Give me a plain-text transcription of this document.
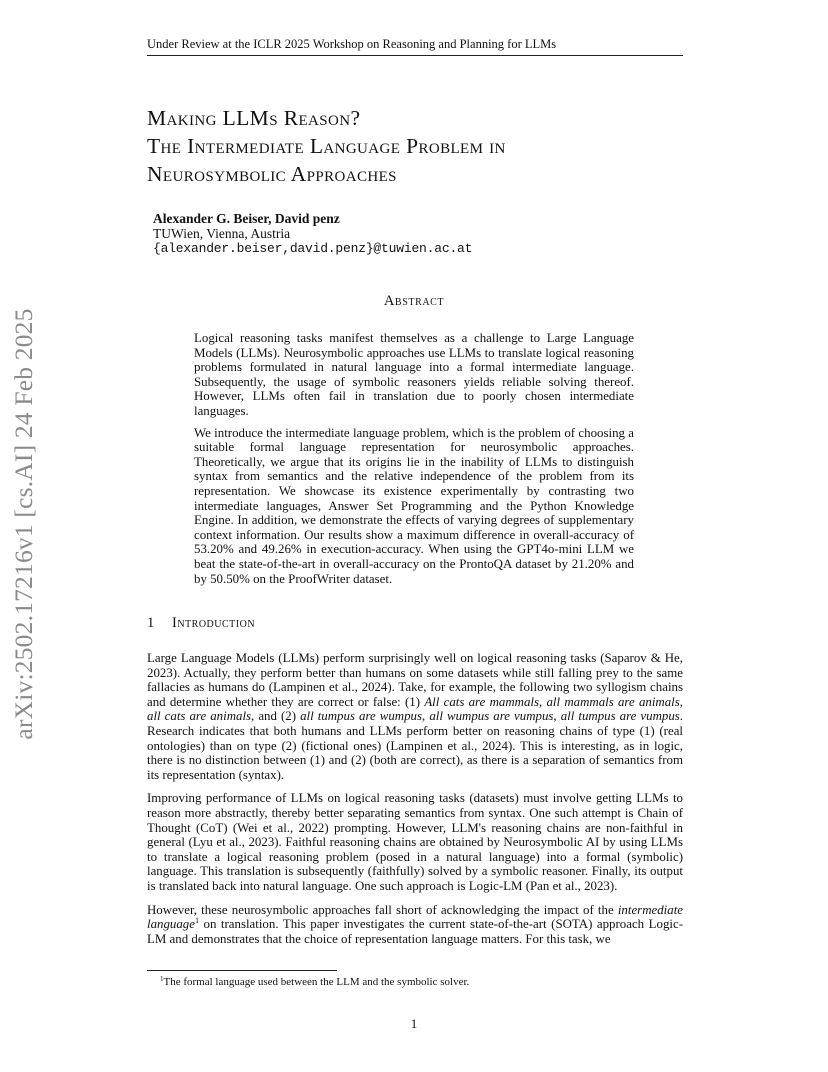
Under Review at the ICLR 2025 Workshop on Reasoning and Planning for LLMs
arXiv:2502.17216v1 [cs.AI] 24 Feb 2025
Making LLMs Reason?
The Intermediate Language Problem in
Neurosymbolic Approaches
Alexander G. Beiser, David penz
TUWien, Vienna, Austria
{alexander.beiser,david.penz}@tuwien.ac.at
Abstract

Logical reasoning tasks manifest themselves as a challenge to Large Language Models (LLMs). Neurosymbolic approaches use LLMs to translate logical reasoning problems formulated in natural language into a formal intermediate language. Subsequently, the usage of symbolic reasoners yields reliable solving thereof. However, LLMs often fail in translation due to poorly chosen intermediate languages.

We introduce the intermediate language problem, which is the problem of choosing a suitable formal language representation for neurosymbolic approaches. Theoretically, we argue that its origins lie in the inability of LLMs to distinguish syntax from semantics and the relative independence of the problem from its representation. We showcase its existence experimentally by contrasting two intermediate languages, Answer Set Programming and the Python Knowledge Engine. In addition, we demonstrate the effects of varying degrees of supplementary context information. Our results show a maximum difference in overall-accuracy of 53.20% and 49.26% in execution-accuracy. When using the GPT4o-mini LLM we beat the state-of-the-art in overall-accuracy on the ProntoQA dataset by 21.20% and by 50.50% on the ProofWriter dataset.

1 Introduction

Large Language Models (LLMs) perform surprisingly well on logical reasoning tasks (Saparov & He, 2023). Actually, they perform better than humans on some datasets while still falling prey to the same fallacies as humans do (Lampinen et al., 2024). Take, for example, the following two syllogism chains and determine whether they are correct or false: (1) All cats are mammals, all mammals are animals, all cats are animals, and (2) all tumpus are wumpus, all wumpus are vumpus, all tumpus are vumpus. Research indicates that both humans and LLMs perform better on reasoning chains of type (1) (real ontologies) than on type (2) (fictional ones) (Lampinen et al., 2024). This is interesting, as in logic, there is no distinction between (1) and (2) (both are correct), as there is a separation of semantics from its representation (syntax).

Improving performance of LLMs on logical reasoning tasks (datasets) must involve getting LLMs to reason more abstractly, thereby better separating semantics from syntax. One such attempt is Chain of Thought (CoT) (Wei et al., 2022) prompting. However, LLM's reasoning chains are non-faithful in general (Lyu et al., 2023). Faithful reasoning chains are obtained by Neurosymbolic AI by using LLMs to translate a logical reasoning problem (posed in a natural language) into a formal (symbolic) language. This translation is subsequently (faithfully) solved by a symbolic reasoner. Finally, its output is translated back into natural language. One such approach is Logic-LM (Pan et al., 2023).

However, these neurosymbolic approaches fall short of acknowledging the impact of the intermediate language$^1$ on translation. This paper investigates the current state-of-the-art (SOTA) approach Logic-LM and demonstrates that the choice of representation language matters. For this task, we

$^1$The formal language used between the LLM and the symbolic solver.
1
